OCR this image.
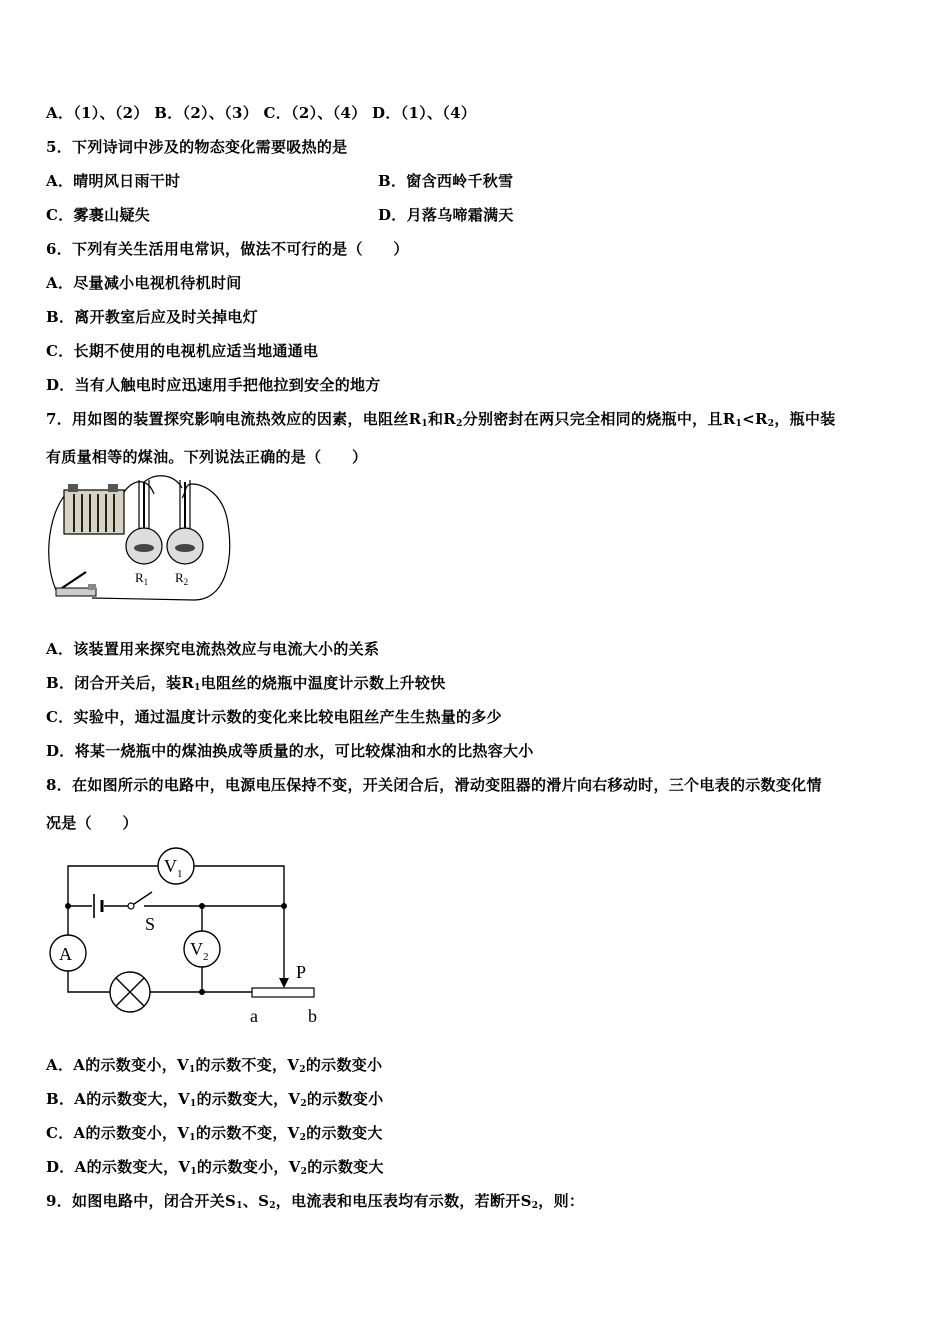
A．（1）、（2） B．（2）、（3） C．（2）、（4） D．（1）、（4）
5．下列诗词中涉及的物态变化需要吸热的是
A．晴明风日雨干时	B．窗含西岭千秋雪
C．雾裹山疑失	D．月落乌啼霜满天
6．下列有关生活用电常识，做法不可行的是（　　）
A．尽量减小电视机待机时间
B．离开教室后应及时关掉电灯
C．长期不使用的电视机应适当地通通电
D．当有人触电时应迅速用手把他拉到安全的地方
7．用如图的装置探究影响电流热效应的因素，电阻丝$R_1$和$R_2$分别密封在两只完全相同的烧瓶中，且$R_1<R_2$，瓶中装
有质量相等的煤油。下列说法正确的是（　　）
$R_1$ $R_2$
A．该装置用来探究电流热效应与电流大小的关系
B．闭合开关后，装$R_1$电阻丝的烧瓶中温度计示数上升较快
C．实验中，通过温度计示数的变化来比较电阻丝产生生热量的多少
D．将某一烧瓶中的煤油换成等质量的水，可比较煤油和水的比热容大小
8．在如图所示的电路中，电源电压保持不变，开关闭合后，滑动变阻器的滑片向右移动时，三个电表的示数变化情
况是（　　）
$V_1$
A	$V_2$
S
P
a	b
A．A的示数变小，$V_1$的示数不变，$V_2$的示数变小
B．A的示数变大，$V_1$的示数变大，$V_2$的示数变小
C．A的示数变小，$V_1$的示数不变，$V_2$的示数变大
D．A的示数变大，$V_1$的示数变小，$V_2$的示数变大
9．如图电路中，闭合开关$S_1$、$S_2$，电流表和电压表均有示数，若断开$S_2$，则：
